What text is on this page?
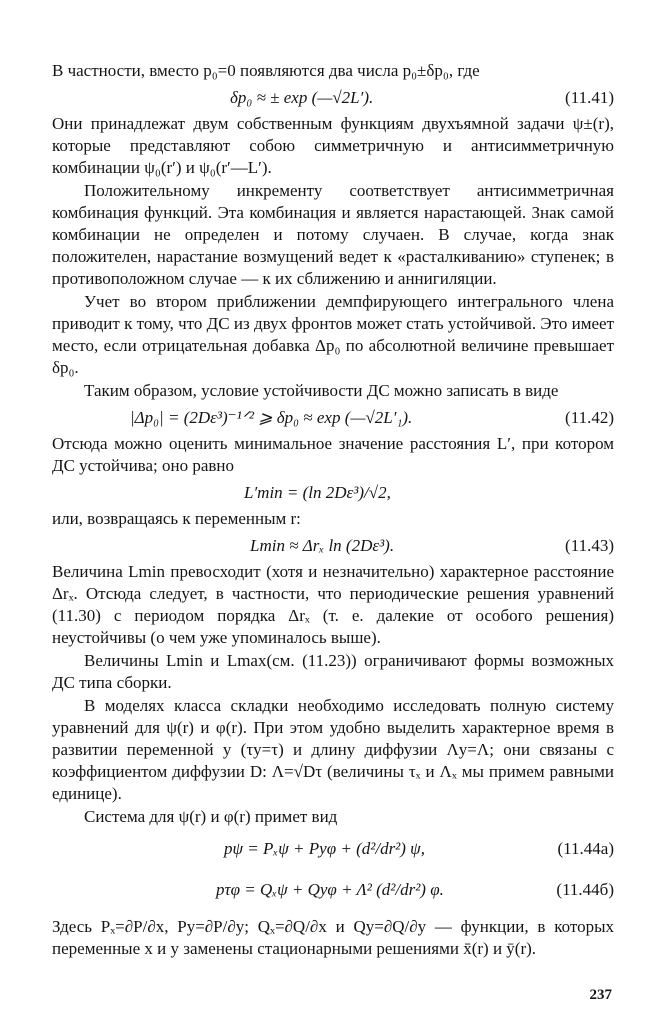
В частности, вместо p₀=0 появляются два числа p₀±δp₀, где

δp₀ ≈ ± exp (—√2L′).	(11.41)

Они принадлежат двум собственным функциям двухъямной задачи ψ±(r), которые представляют собою симметричную и антисимметричную комбинации ψ₀(r′) и ψ₀(r′—L′).

Положительному инкременту соответствует антисимметричная комбинация функций. Эта комбинация и является нарастающей. Знак самой комбинации не определен и потому случаен. В случае, когда знак положителен, нарастание возмущений ведет к «расталкиванию» ступенек; в противоположном случае — к их сближению и аннигиляции.

Учет во втором приближении демпфирующего интегрального члена приводит к тому, что ДС из двух фронтов может стать устойчивой. Это имеет место, если отрицательная добавка Δp₀ по абсолютной величине превышает δp₀.

Таким образом, условие устойчивости ДС можно записать в виде

|Δp₀| = (2Dε³)⁻¹ᐟ² ⩾ δp₀ ≈ exp (—√2L′₁).	(11.42)

Отсюда можно оценить минимальное значение расстояния L′, при котором ДС устойчива; оно равно

L′min = (ln 2Dε³)/√2,

или, возвращаясь к переменным r:

Lmin ≈ Δrₓ ln (2Dε³).	(11.43)

Величина Lmin превосходит (хотя и незначительно) характерное расстояние Δrₓ. Отсюда следует, в частности, что периодические решения уравнений (11.30) с периодом порядка Δrₓ (т. е. далекие от особого решения) неустойчивы (о чем уже упоминалось выше).

Величины Lmin и Lmax(см. (11.23)) ограничивают формы возможных ДС типа сборки.

В моделях класса складки необходимо исследовать полную систему уравнений для ψ(r) и φ(r). При этом удобно выделить характерное время в развитии переменной y (τy=τ) и длину диффузии Λy=Λ; они связаны с коэффициентом диффузии D: Λ=√Dτ (величины τₓ и Λₓ мы примем равными единице).

Система для ψ(r) и φ(r) примет вид

pψ = Pₓψ + Pyφ + (d²/dr²) ψ,	(11.44a)
pτφ = Qₓψ + Qyφ + Λ² (d²/dr²) φ.	(11.44б)

Здесь Pₓ=∂P/∂x, Py=∂P/∂y; Qₓ=∂Q/∂x и Qy=∂Q/∂y — функции, в которых переменные x и y заменены стационарными решениями x̄(r) и ȳ(r).

237
